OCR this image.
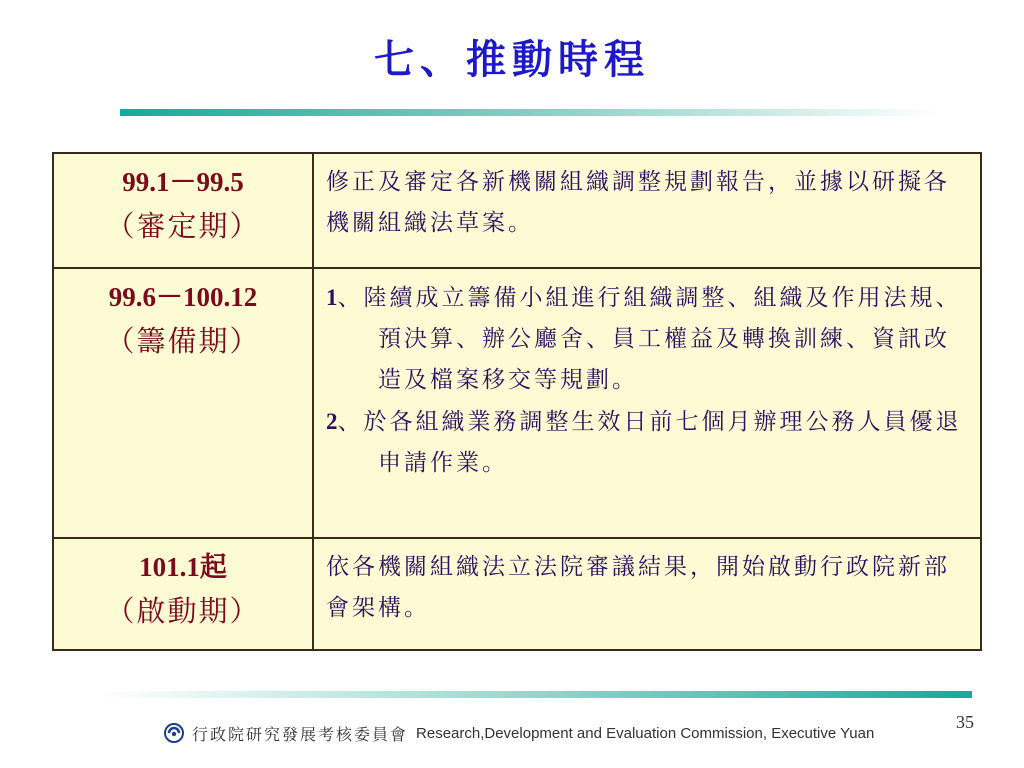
七、推動時程
99.1－99.5
（審定期）	修正及審定各新機關組織調整規劃報告，並據以研擬各機關組織法草案。

99.6－100.12
（籌備期）	1、陸續成立籌備小組進行組織調整、組織及作用法規、預決算、辦公廳舍、員工權益及轉換訓練、資訊改造及檔案移交等規劃。
2、於各組織業務調整生效日前七個月辦理公務人員優退申請作業。

101.1起
（啟動期）	依各機關組織法立法院審議結果，開始啟動行政院新部會架構。
行政院研究發展考核委員會 Research,Development and Evaluation Commission, Executive Yuan
35
